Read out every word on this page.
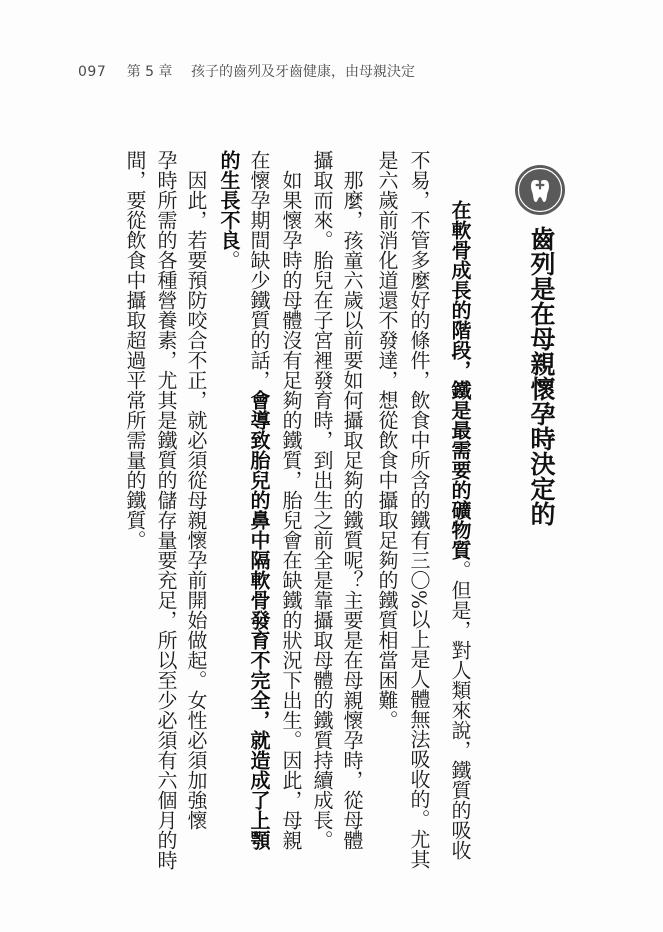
097 第 5 章 孩子的齒列及牙齒健康，由母親決定
齒列是在母親懷孕時決定的
在軟骨成長的階段，鐵是最需要的礦物質。但是，對人類來說，鐵質的吸收
不易，不管多麼好的條件，飲食中所含的鐵有三〇%以上是人體無法吸收的。尤其
是六歲前消化道還不發達，想從飲食中攝取足夠的鐵質相當困難。
那麼，孩童六歲以前要如何攝取足夠的鐵質呢？主要是在母親懷孕時，從母體
攝取而來。胎兒在子宮裡發育時，到出生之前全是靠攝取母體的鐵質持續成長。
如果懷孕時的母體沒有足夠的鐵質，胎兒會在缺鐵的狀況下出生。因此，母親
在懷孕期間缺少鐵質的話，會導致胎兒的鼻中隔軟骨發育不完全，就造成了上顎
的生長不良。
因此，若要預防咬合不正，就必須從母親懷孕前開始做起。女性必須加強懷
孕時所需的各種營養素，尤其是鐵質的儲存量要充足，所以至少必須有六個月的時
間，要從飲食中攝取超過平常所需量的鐵質。
